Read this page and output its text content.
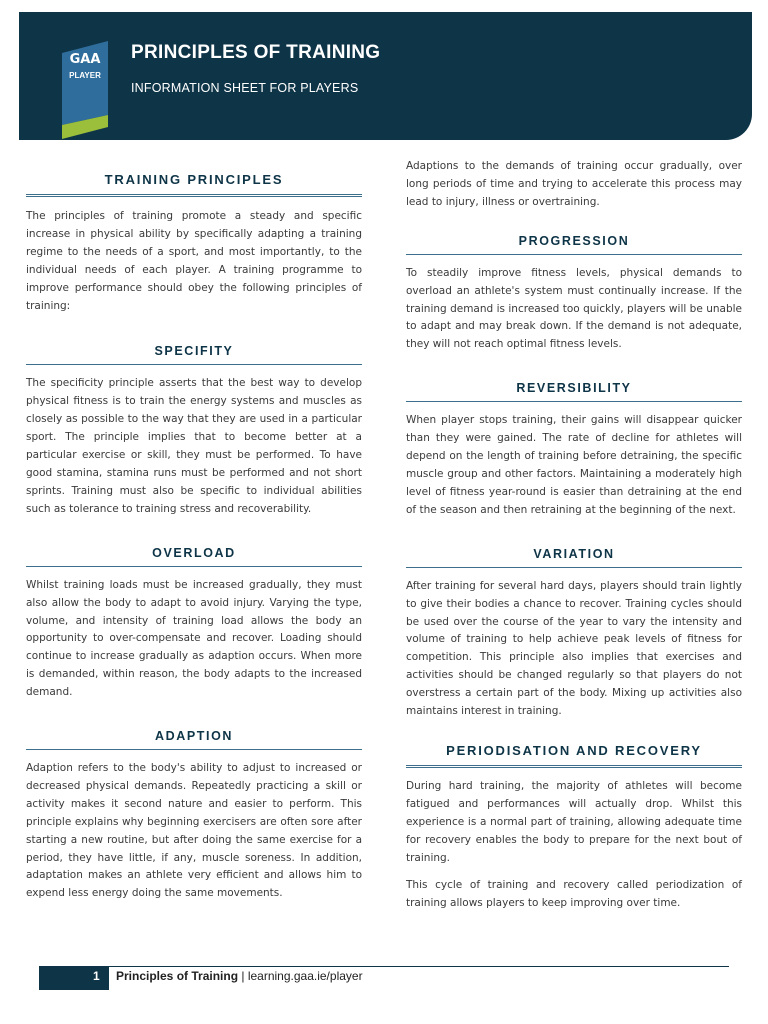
GAA
PLAYER
PRINCIPLES OF TRAINING
INFORMATION SHEET FOR PLAYERS
TRAINING PRINCIPLES

The principles of training promote a steady and specific increase in physical ability by specifically adapting a training regime to the needs of a sport, and most importantly, to the individual needs of each player. A training programme to improve performance should obey the following principles of training:

SPECIFITY

The specificity principle asserts that the best way to develop physical fitness is to train the energy systems and muscles as closely as possible to the way that they are used in a particular sport. The principle implies that to become better at a particular exercise or skill, they must be performed. To have good stamina, stamina runs must be performed and not short sprints. Training must also be specific to individual abilities such as tolerance to training stress and recoverability.

OVERLOAD

Whilst training loads must be increased gradually, they must also allow the body to adapt to avoid injury. Varying the type, volume, and intensity of training load allows the body an opportunity to over-compensate and recover. Loading should continue to increase gradually as adaption occurs. When more is demanded, within reason, the body adapts to the increased demand.

ADAPTION

Adaption refers to the body's ability to adjust to increased or decreased physical demands. Repeatedly practicing a skill or activity makes it second nature and easier to perform. This principle explains why beginning exercisers are often sore after starting a new routine, but after doing the same exercise for a period, they have little, if any, muscle soreness. In addition, adaptation makes an athlete very efficient and allows him to expend less energy doing the same movements.

Adaptions to the demands of training occur gradually, over long periods of time and trying to accelerate this process may lead to injury, illness or overtraining.

PROGRESSION

To steadily improve fitness levels, physical demands to overload an athlete's system must continually increase. If the training demand is increased too quickly, players will be unable to adapt and may break down. If the demand is not adequate, they will not reach optimal fitness levels.

REVERSIBILITY

When player stops training, their gains will disappear quicker than they were gained. The rate of decline for athletes will depend on the length of training before detraining, the specific muscle group and other factors. Maintaining a moderately high level of fitness year-round is easier than detraining at the end of the season and then retraining at the beginning of the next.

VARIATION

After training for several hard days, players should train lightly to give their bodies a chance to recover. Training cycles should be used over the course of the year to vary the intensity and volume of training to help achieve peak levels of fitness for competition. This principle also implies that exercises and activities should be changed regularly so that players do not overstress a certain part of the body. Mixing up activities also maintains interest in training.

PERIODISATION AND RECOVERY

During hard training, the majority of athletes will become fatigued and performances will actually drop. Whilst this experience is a normal part of training, allowing adequate time for recovery enables the body to prepare for the next bout of training.

This cycle of training and recovery called periodization of training allows players to keep improving over time.

1 Principles of Training | learning.gaa.ie/player
